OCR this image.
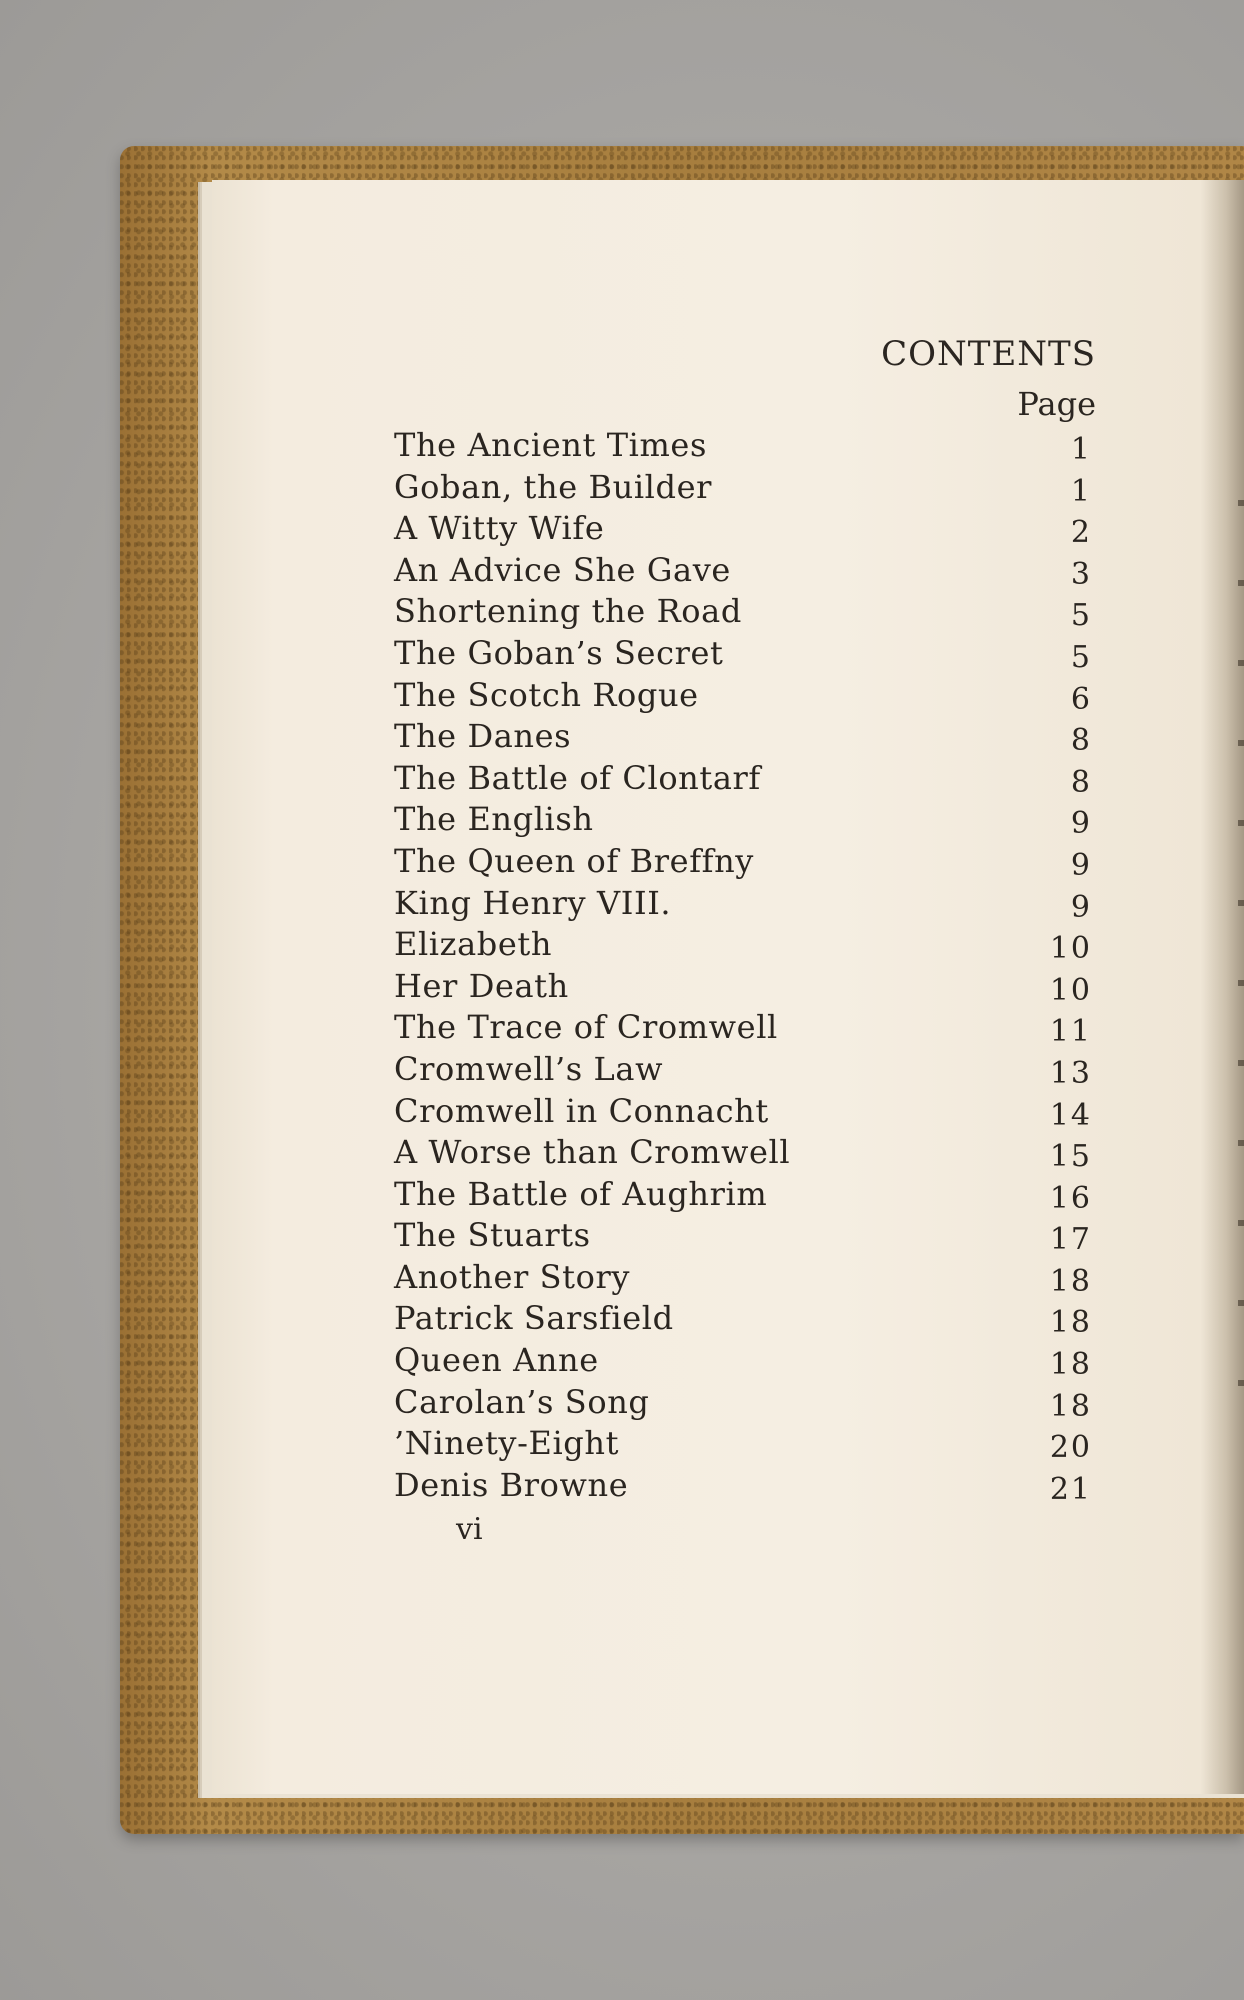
CONTENTS
Page
The Ancient Times	1
Goban, the Builder	1
A Witty Wife	2
An Advice She Gave	3
Shortening the Road	5
The Goban’s Secret	5
The Scotch Rogue	6
The Danes	8
The Battle of Clontarf	8
The English	9
The Queen of Breffny	9
King Henry VIII.	9
Elizabeth	10
Her Death	10
The Trace of Cromwell	11
Cromwell’s Law	13
Cromwell in Connacht	14
A Worse than Cromwell	15
The Battle of Aughrim	16
The Stuarts	17
Another Story	18
Patrick Sarsfield	18
Queen Anne	18
Carolan’s Song	18
’Ninety-Eight	20
Denis Browne	21
vi
